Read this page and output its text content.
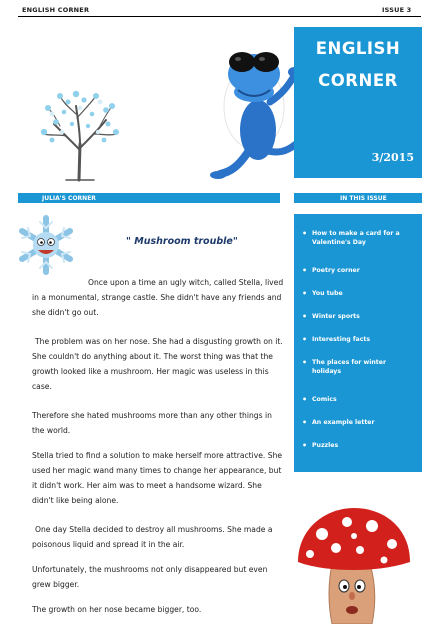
ENGLISH CORNER	ISSUE 3
ENGLISH
CORNER
3/2015
JULIA'S CORNER	IN THIS ISSUE
• How to make a card for a Valentine's Day
• Poetry corner
• You tube
• Winter sports
• Interesting facts
• The places for winter holidays
• Comics
• An example letter
• Puzzles
" Mushroom trouble"
Once upon a time an ugly witch, called Stella, lived in a monumental, strange castle. She didn't have any friends and she didn't go out.
The problem was on her nose. She had a disgusting growth on it. She couldn't do anything about it. The worst thing was that the growth looked like a mushroom. Her magic was useless in this case.
Therefore she hated mushrooms more than any other things in the world.
Stella tried to find a solution to make herself more attractive. She used her magic wand many times to change her appearance, but it didn't work. Her aim was to meet a handsome wizard. She didn't like being alone.
One day Stella decided to destroy all mushrooms. She made a poisonous liquid and spread it in the air.
Unfortunately, the mushrooms not only disappeared but even grew bigger.
The growth on her nose became bigger, too.
